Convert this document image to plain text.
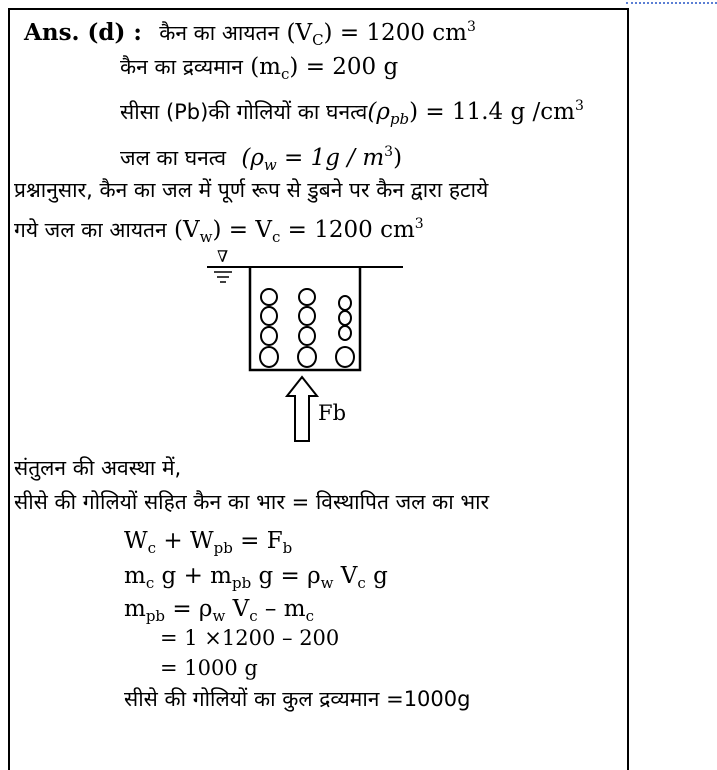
Ans. (d) : कैन का आयतन $(V_C) = 1200$ $cm^3$
कैन का द्रव्यमान $(m_c) = 200$ g
सीसा (Pb)की गोलियों का $घनत्व(\rho_{pb}) = 11.4$ g $/cm^3$
जल का घनत्व $(\rho_w = 1g / m^3)$
प्रश्नानुसार, कैन का जल में पूर्ण रूप से डुबने पर कैन द्वारा हटाये
गये जल का आयतन $(V_w) = V_c = 1200$ $cm^3$
∇
Fb
संतुलन की अवस्था में,
सीसे की गोलियों सहित कैन का भार = विस्थापित जल का भार
$W_c + W_{pb} = F_b$
$m_c$ $g + m_{pb}$ $g = \rho_w$ $V_c$ g
$m_{pb} = \rho_w$ $V_c - m_c$
= 1 ×1200 – 200
= 1000 g
सीसे की गोलियों का कुल द्रव्यमान =1000g
